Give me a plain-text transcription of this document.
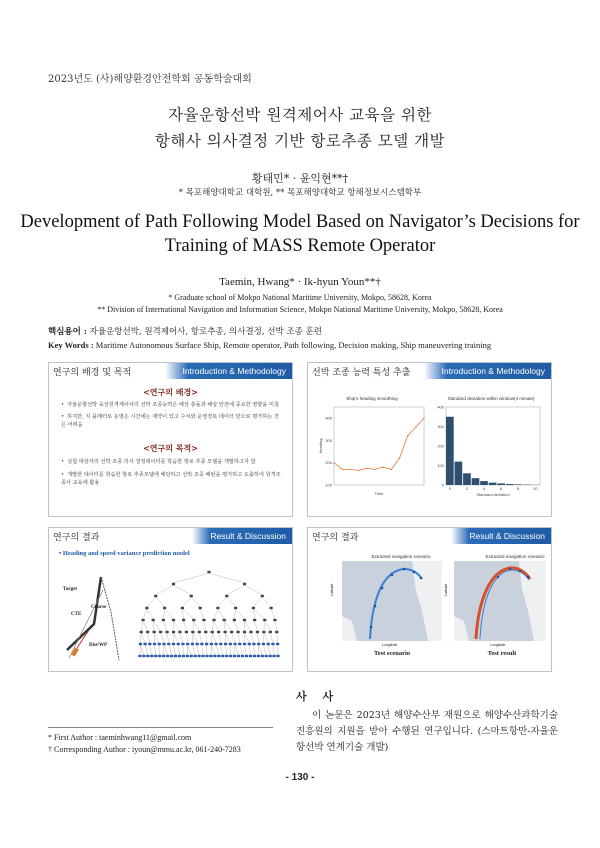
2023년도 (사)해양환경안전학회 공동학술대회
자율운항선박 원격제어사 교육을 위한
항해사 의사결정 기반 항로추종 모델 개발
황태민* · 윤익현**†
* 목포해양대학교 대학원, ** 목포해양대학교 항해정보시스템학부
Development of Path Following Model Based on Navigator’s Decisions for
Training of MASS Remote Operator
Taemin, Hwang* · Ik-hyun Youn**†
* Graduate school of Mokpo National Maritime University, Mokpo, 58628, Korea
** Division of International Navigation and Information Science, Mokpo National Maritime University, Mokpo, 58628, Korea
핵심용어 : 자율운항선박, 원격제어사, 항로추종, 의사결정, 선박 조종 훈련
Key Words : Maritime Autonomous Surface Ship, Remote operator, Path following, Decision making, Ship maneuvering training
연구의 배경 및 목적	Introduction & Methodology
<연구의 배경>
• 자율운항선박 육상원격제어사의 선박 조종능력은 해상 충돌과 해상 안전에 중요한 영향을 미칠
• 하지만, 지 플래터로 운영은 시간에는 제약이 있고 수치와 운영경로 데이터 만으로 평가하는 것은 어려움
<연구의 목적>
• 실험 대상자의 선박 조종 의사 결정데이터를 학습한 항로 추종 모델을 개발하고자 함
• 개발한 데이터를 학습한 항로 추종모델에 해당하고 선박 조종 패턴을 평가하고 도출하여 원격조종사 교육에 활용
선박 조종 능력 특성 추출	Introduction & Methodology
Ship's heading smoothing	Standard deviation within window(4 minute)
100
200
300
400
Time
Heading
0	2	4	6	8	10
0
100
200
300
400
Standard deviation
연구의 결과	Result & Discussion
• Heading and speed variance prediction model
Target
Course
CTE
Dist/WP
연구의 결과	Result & Discussion
Extracted navigation scenario	Extracted navigation scenario
Latitude	Latitude
Longitude	Longitude
Test scenario	Test result
사 사
이 논문은 2023년 해양수산부 재원으로 해양수산과학기술진흥원의 지원을 받아 수행된 연구입니다. (스마트항만-자율운항선박 연계기술 개발)
* First Author : taeminhwang11@gmail.com
† Corresponding Author : iyoun@mmu.ac.kr, 061-240-7283
- 130 -
